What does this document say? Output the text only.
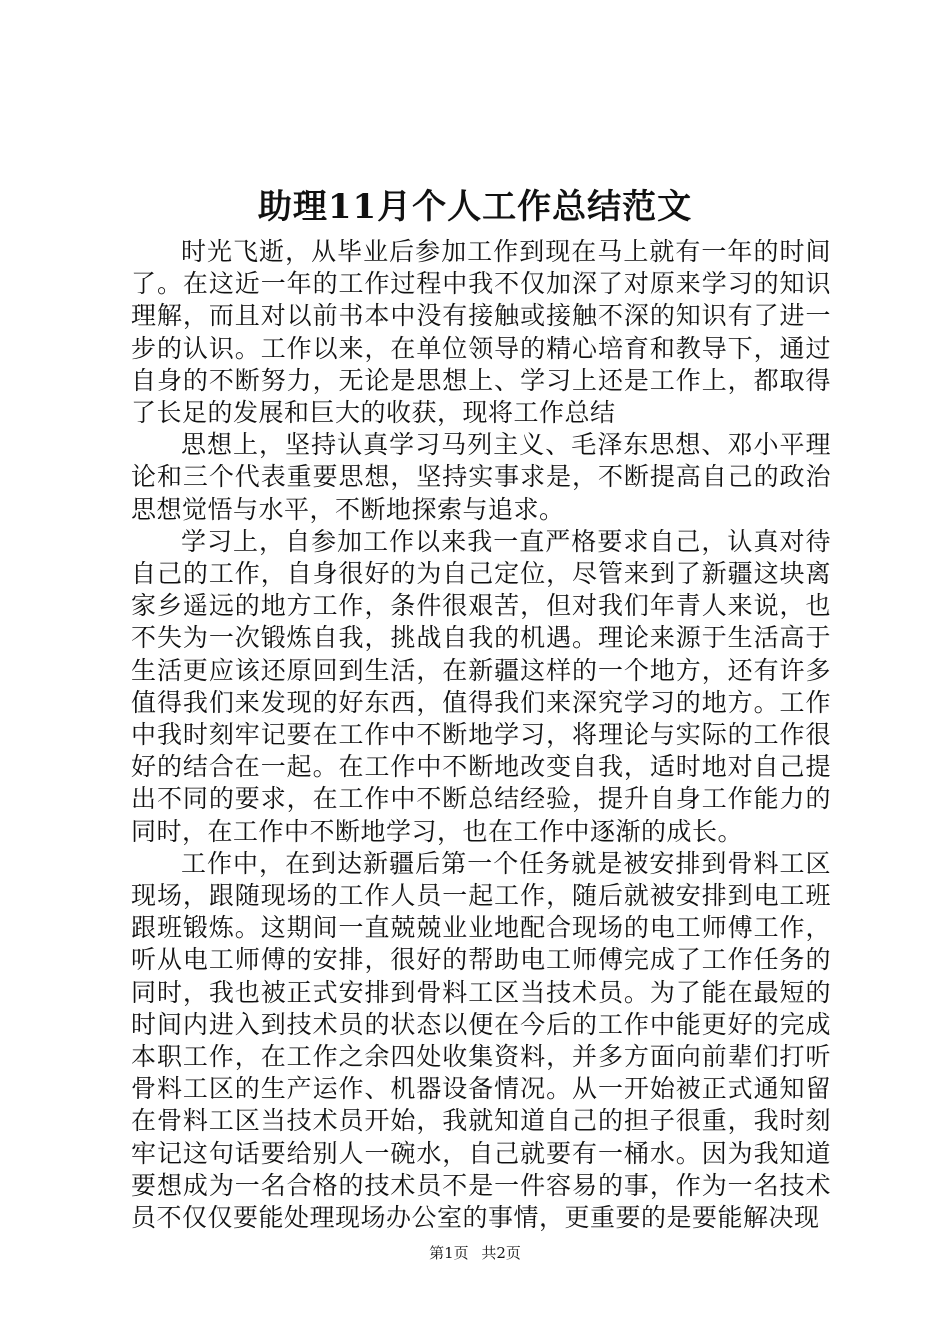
助理11月个人工作总结范文

时光飞逝，从毕业后参加工作到现在马上就有一年的时间了。在这近一年的工作过程中我不仅加深了对原来学习的知识理解，而且对以前书本中没有接触或接触不深的知识有了进一步的认识。工作以来，在单位领导的精心培育和教导下，通过自身的不断努力，无论是思想上、学习上还是工作上，都取得了长足的发展和巨大的收获，现将工作总结

思想上，坚持认真学习马列主义、毛泽东思想、邓小平理论和三个代表重要思想，坚持实事求是，不断提高自己的政治思想觉悟与水平，不断地探索与追求。

学习上，自参加工作以来我一直严格要求自己，认真对待自己的工作，自身很好的为自己定位，尽管来到了新疆这块离家乡遥远的地方工作，条件很艰苦，但对我们年青人来说，也不失为一次锻炼自我，挑战自我的机遇。理论来源于生活高于生活更应该还原回到生活，在新疆这样的一个地方，还有许多值得我们来发现的好东西，值得我们来深究学习的地方。工作中我时刻牢记要在工作中不断地学习，将理论与实际的工作很好的结合在一起。在工作中不断地改变自我，适时地对自己提出不同的要求，在工作中不断总结经验，提升自身工作能力的同时，在工作中不断地学习，也在工作中逐渐的成长。

工作中，在到达新疆后第一个任务就是被安排到骨料工区现场，跟随现场的工作人员一起工作，随后就被安排到电工班跟班锻炼。这期间一直兢兢业业地配合现场的电工师傅工作，听从电工师傅的安排，很好的帮助电工师傅完成了工作任务的同时，我也被正式安排到骨料工区当技术员。为了能在最短的时间内进入到技术员的状态以便在今后的工作中能更好的完成本职工作，在工作之余四处收集资料，并多方面向前辈们打听骨料工区的生产运作、机器设备情况。从一开始被正式通知留在骨料工区当技术员开始，我就知道自己的担子很重，我时刻牢记这句话要给别人一碗水，自己就要有一桶水。因为我知道要想成为一名合格的技术员不是一件容易的事，作为一名技术员不仅仅要能处理现场办公室的事情，更重要的是要能解决现

第1页 共2页
